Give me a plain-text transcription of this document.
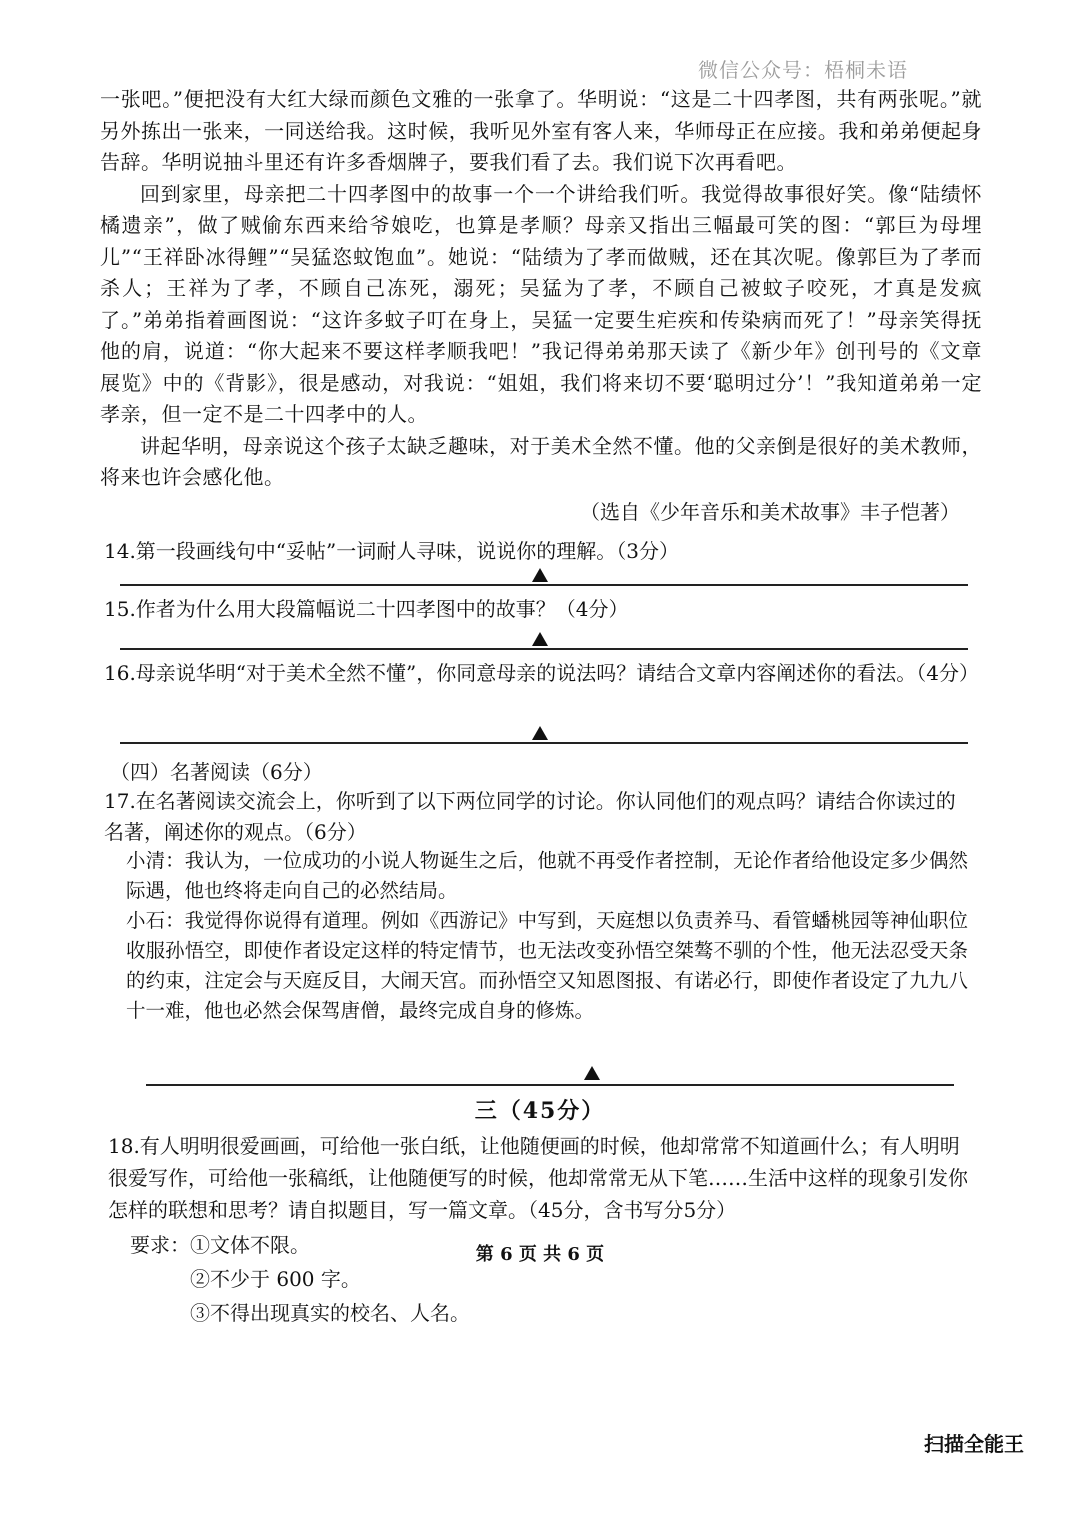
微信公众号：梧桐未语

一张吧。”便把没有大红大绿而颜色文雅的一张拿了。华明说：“这是二十四孝图，共有两张呢。”就另外拣出一张来，一同送给我。这时候，我听见外室有客人来，华师母正在应接。我和弟弟便起身告辞。华明说抽斗里还有许多香烟牌子，要我们看了去。我们说下次再看吧。

回到家里，母亲把二十四孝图中的故事一个一个讲给我们听。我觉得故事很好笑。像“陆绩怀橘遗亲”，做了贼偷东西来给爷娘吃，也算是孝顺？母亲又指出三幅最可笑的图：“郭巨为母埋儿”“王祥卧冰得鲤”“吴猛恣蚊饱血”。她说：“陆绩为了孝而做贼，还在其次呢。像郭巨为了孝而杀人；王祥为了孝，不顾自己冻死，溺死；吴猛为了孝，不顾自己被蚊子咬死，才真是发疯了。”弟弟指着画图说：“这许多蚊子叮在身上，吴猛一定要生疟疾和传染病而死了！”母亲笑得抚他的肩，说道：“你大起来不要这样孝顺我吧！”我记得弟弟那天读了《新少年》创刊号的《文章展览》中的《背影》，很是感动，对我说：“姐姐，我们将来切不要‘聪明过分’！”我知道弟弟一定孝亲，但一定不是二十四孝中的人。

讲起华明，母亲说这个孩子太缺乏趣味，对于美术全然不懂。他的父亲倒是很好的美术教师，将来也许会感化他。

（选自《少年音乐和美术故事》丰子恺著）
14.第一段画线句中“妥帖”一词耐人寻味，说说你的理解。（3分）
15.作者为什么用大段篇幅说二十四孝图中的故事？（4分）
16.母亲说华明“对于美术全然不懂”，你同意母亲的说法吗？请结合文章内容阐述你的看法。（4分）
（四）名著阅读（6分）
17.在名著阅读交流会上，你听到了以下两位同学的讨论。你认同他们的观点吗？请结合你读过的名著，阐述你的观点。（6分）
小清：我认为，一位成功的小说人物诞生之后，他就不再受作者控制，无论作者给他设定多少偶然际遇，他也终将走向自己的必然结局。
小石：我觉得你说得有道理。例如《西游记》中写到，天庭想以负责养马、看管蟠桃园等神仙职位收服孙悟空，即使作者设定这样的特定情节，也无法改变孙悟空桀骜不驯的个性，他无法忍受天条的约束，注定会与天庭反目，大闹天宫。而孙悟空又知恩图报、有诺必行，即使作者设定了九九八十一难，他也必然会保驾唐僧，最终完成自身的修炼。
三（45分）
18.有人明明很爱画画，可给他一张白纸，让他随便画的时候，他却常常不知道画什么；有人明明很爱写作，可给他一张稿纸，让他随便写的时候，他却常常无从下笔……生活中这样的现象引发你怎样的联想和思考？请自拟题目，写一篇文章。（45分，含书写分5分）
要求： ①文体不限。
②不少于 600 字。
③不得出现真实的校名、人名。
第 6 页 共 6 页
扫描全能王
